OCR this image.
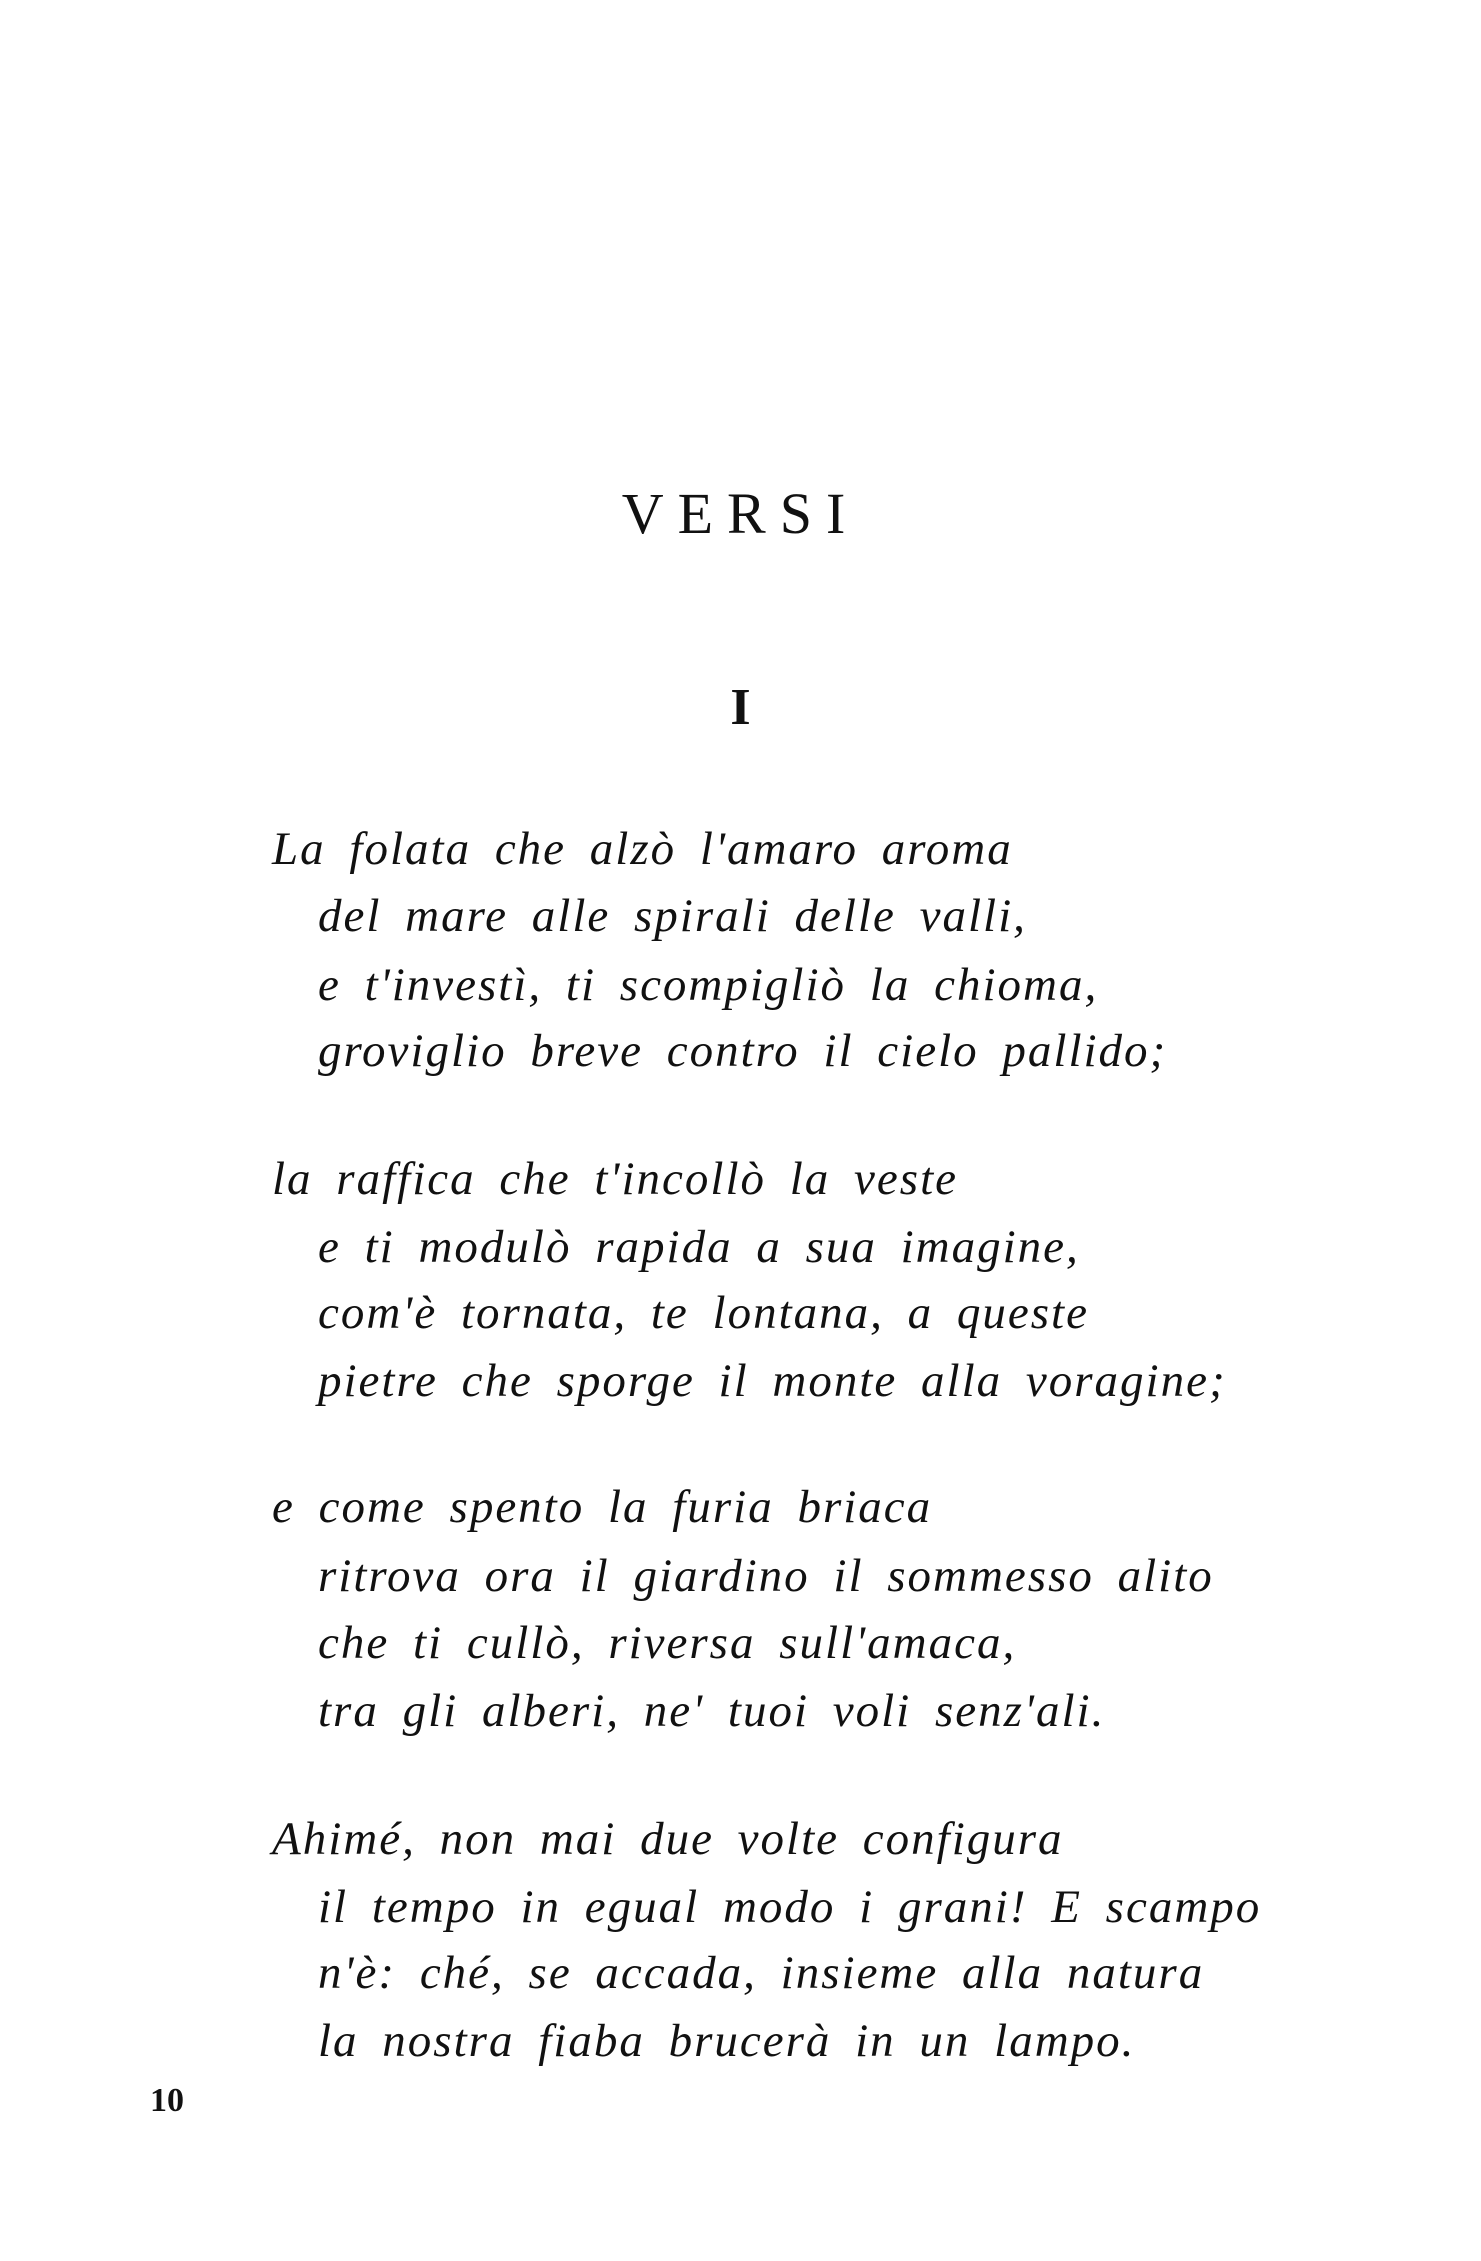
VERSI
I
La folata che alzò l'amaro aroma
del mare alle spirali delle valli,
e t'investì, ti scompigliò la chioma,
groviglio breve contro il cielo pallido;
la raffica che t'incollò la veste
e ti modulò rapida a sua imagine,
com'è tornata, te lontana, a queste
pietre che sporge il monte alla voragine;
e come spento la furia briaca
ritrova ora il giardino il sommesso alito
che ti cullò, riversa sull'amaca,
tra gli alberi, ne' tuoi voli senz'ali.
Ahimé, non mai due volte configura
il tempo in egual modo i grani! E scampo
n'è: ché, se accada, insieme alla natura
la nostra fiaba brucerà in un lampo.
10
